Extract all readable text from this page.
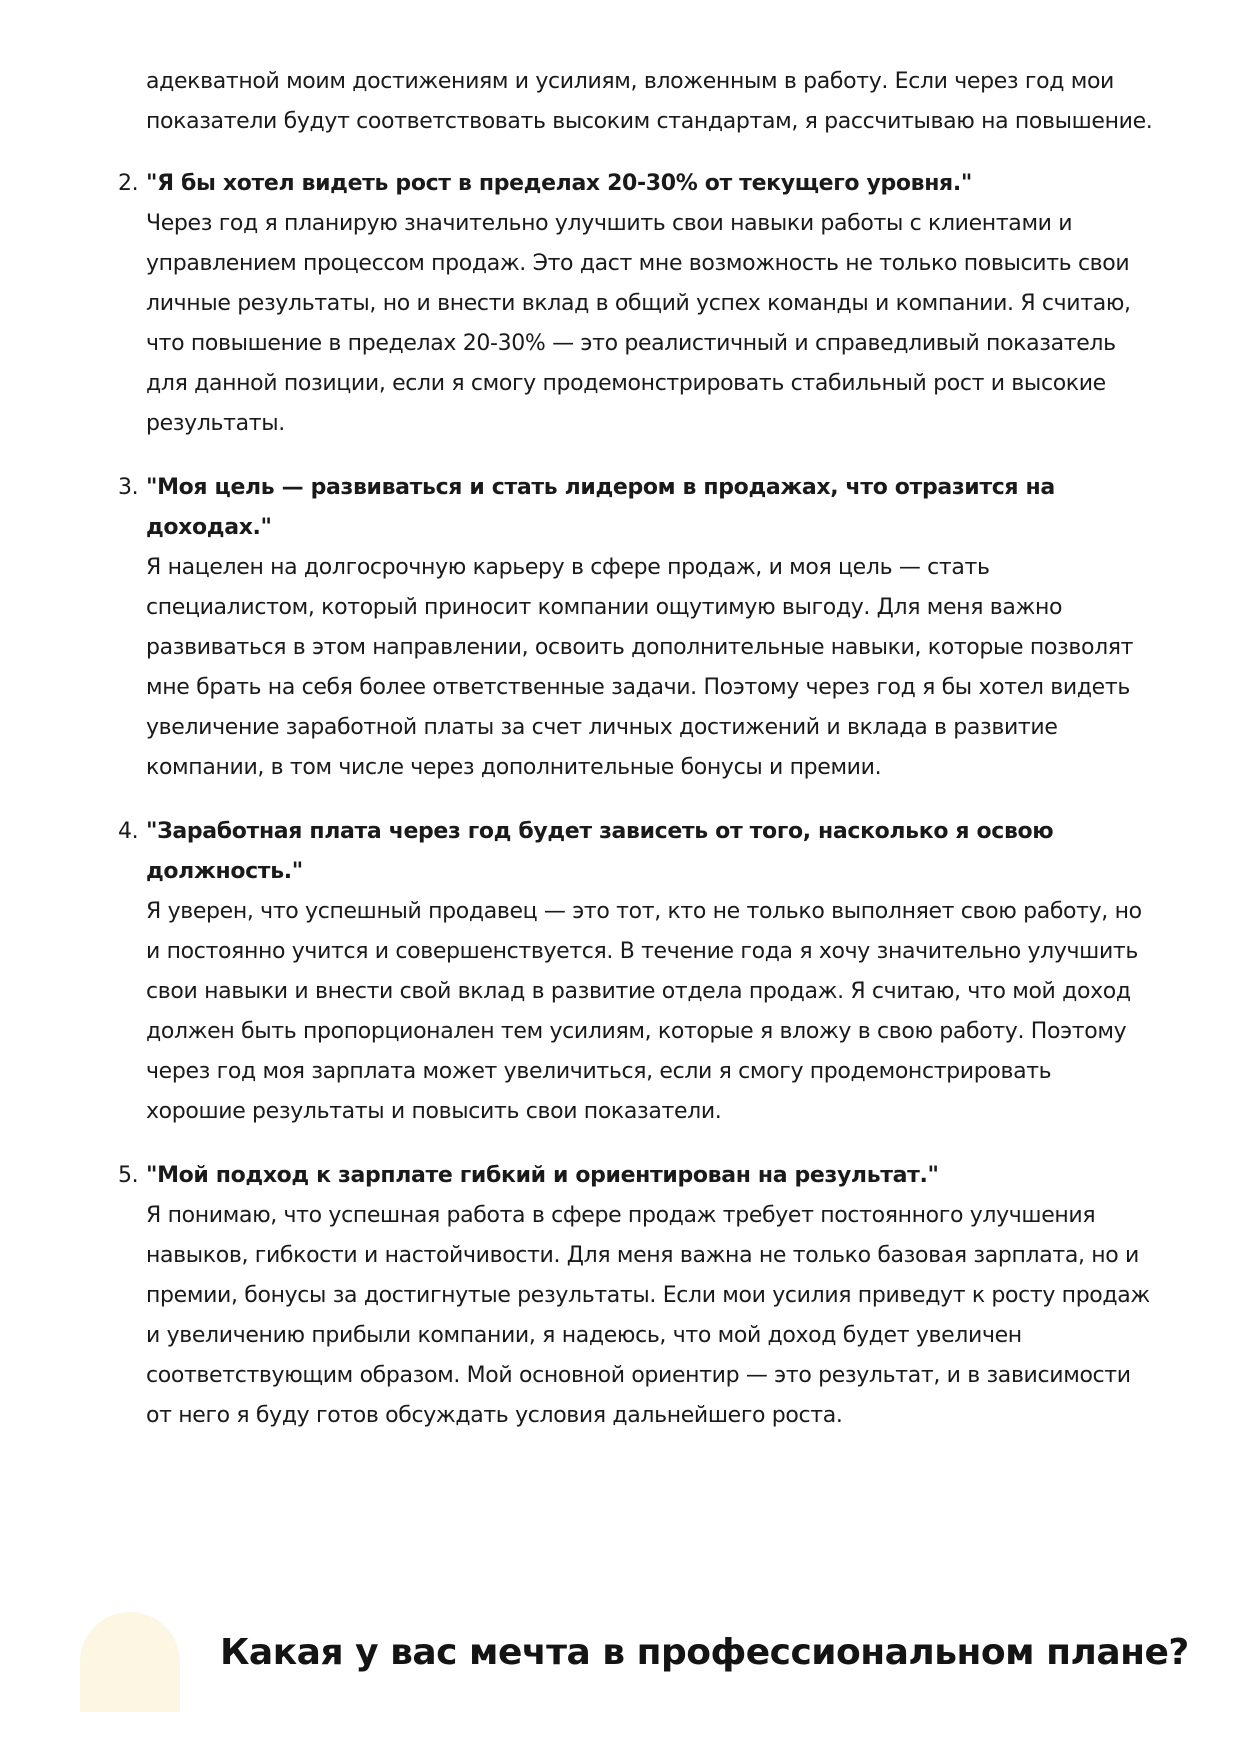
адекватной моим достижениям и усилиям, вложенным в работу. Если через год мои показатели будут соответствовать высоким стандартам, я рассчитываю на повышение.

2. "Я бы хотел видеть рост в пределах 20-30% от текущего уровня."

Через год я планирую значительно улучшить свои навыки работы с клиентами и управлением процессом продаж. Это даст мне возможность не только повысить свои личные результаты, но и внести вклад в общий успех команды и компании. Я считаю, что повышение в пределах 20-30% — это реалистичный и справедливый показатель для данной позиции, если я смогу продемонстрировать стабильный рост и высокие результаты.

3. "Моя цель — развиваться и стать лидером в продажах, что отразится на доходах."

Я нацелен на долгосрочную карьеру в сфере продаж, и моя цель — стать специалистом, который приносит компании ощутимую выгоду. Для меня важно развиваться в этом направлении, освоить дополнительные навыки, которые позволят мне брать на себя более ответственные задачи. Поэтому через год я бы хотел видеть увеличение заработной платы за счет личных достижений и вклада в развитие компании, в том числе через дополнительные бонусы и премии.

4. "Заработная плата через год будет зависеть от того, насколько я освою должность."

Я уверен, что успешный продавец — это тот, кто не только выполняет свою работу, но и постоянно учится и совершенствуется. В течение года я хочу значительно улучшить свои навыки и внести свой вклад в развитие отдела продаж. Я считаю, что мой доход должен быть пропорционален тем усилиям, которые я вложу в свою работу. Поэтому через год моя зарплата может увеличиться, если я смогу продемонстрировать хорошие результаты и повысить свои показатели.

5. "Мой подход к зарплате гибкий и ориентирован на результат."

Я понимаю, что успешная работа в сфере продаж требует постоянного улучшения навыков, гибкости и настойчивости. Для меня важна не только базовая зарплата, но и премии, бонусы за достигнутые результаты. Если мои усилия приведут к росту продаж и увеличению прибыли компании, я надеюсь, что мой доход будет увеличен соответствующим образом. Мой основной ориентир — это результат, и в зависимости от него я буду готов обсуждать условия дальнейшего роста.

Какая у вас мечта в профессиональном плане?
